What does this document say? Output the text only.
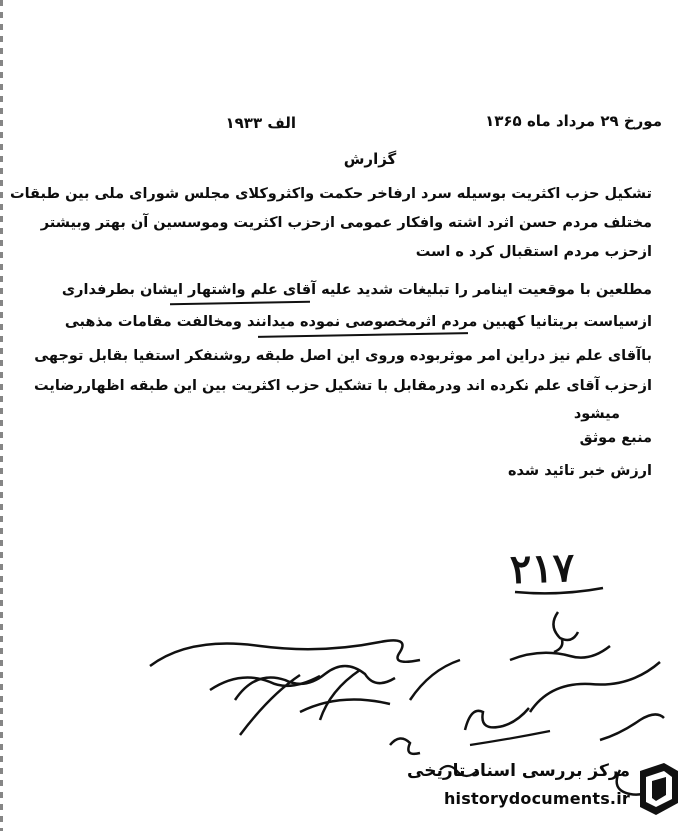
مورخ ۲۹ مرداد ماه ۱۳۶۵
الف ۱۹۳۳
گزارش
تشکیل حزب اکثریت بوسیله سرد ارفاخر حکمت واکثروکلای مجلس شورای ملی بین طبقات
مختلف مردم حسن اثرد اشته وافکار عمومی ازحزب اکثریت وموسسین آن بهتر وبیشتر
ازحزب مردم استقبال کرد ه است
مطلعین با موقعیت اینامر را تبلیغات شدید علیه آقای علم واشتهار ایشان بطرفداری
ازسیاست بریتانیا کهبین مردم اثرمخصوصی نموده میدانند ومخالفت مقامات مذهبی
باآقای علم نیز دراین امر موثربوده وروی این اصل طبقه روشنفکر استفیا بقابل توجهی
ازحزب آقای علم نکرده اند ودرمقابل با تشکیل حزب اکثریت بین این طبقه اظهاررضایت
میشود
منبع موثق
ارزش خبر تائید شده
۲۱۷
مرکز بررسی اسناد تاریخی
historydocuments.ir
